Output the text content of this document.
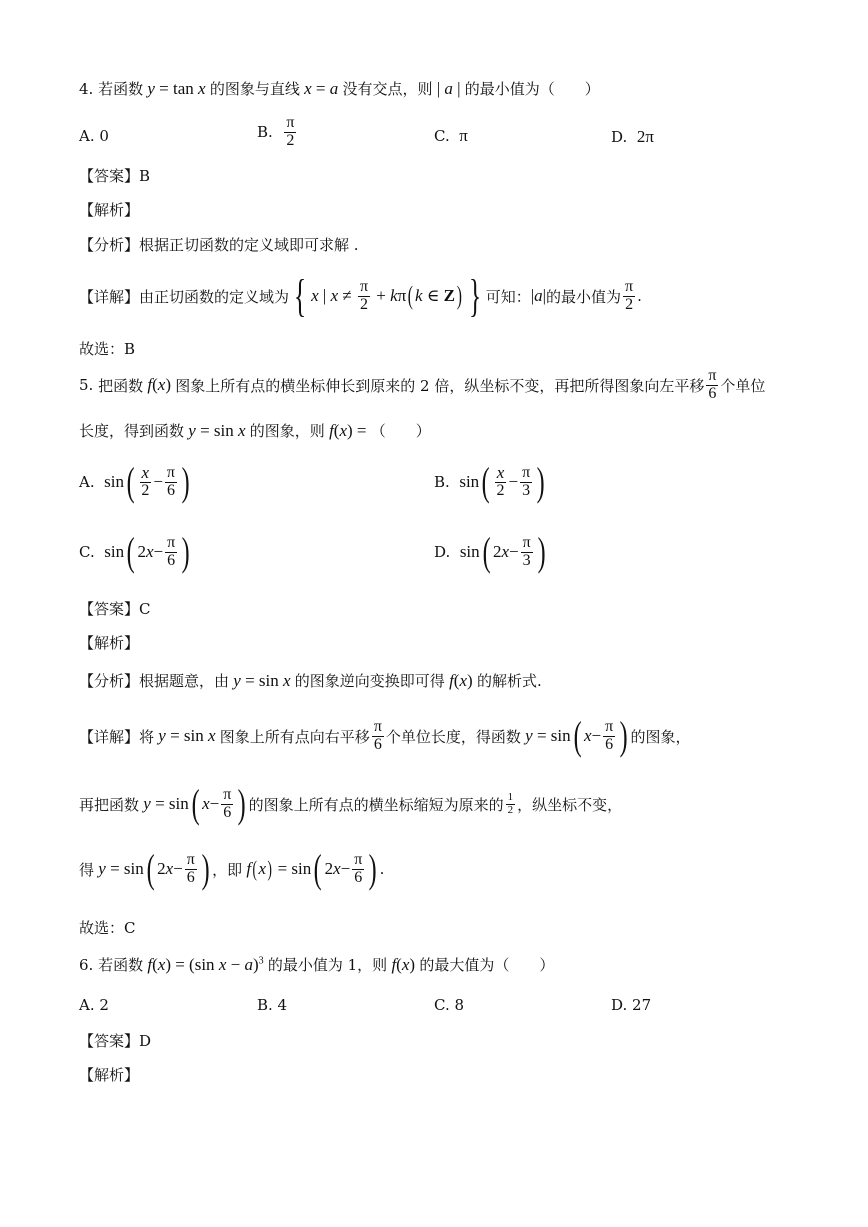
4.
若函数 y = tan x 的图象与直线 x = a 没有交点，则 | a | 的最小值为（　　）
A. 0	B.
$\frac{\pi}{2}$	C.
π	D.
2π
【答案】B
【解析】
【分析】根据正切函数的定义域即可求解 .
【详解】由正切函数的定义域为 { x | $x \ne \frac{\pi}{2} + k$ π ( k ∈ Z ) } 可知： | a | 的最小值为 $\frac{\pi}{2}$ .
故选：B
5.
把函数 f ( x ) 图象上所有点的横坐标伸长到原来的 2 倍，纵坐标不变，再把所得图象向左平移 $\frac{\pi}{6}$ 个单位
长度，得到函数 y = sin x 的图象，则 f ( x ) = （　　）
A.
sin ( $\frac{x}{2} - \frac{\pi}{6}$ )	B.
sin ( $\frac{x}{2} - \frac{\pi}{3}$ )
C.
sin ( 2 $x - \frac{\pi}{6}$ )	D.
sin ( 2 $x - \frac{\pi}{3}$ )
【答案】C
【解析】
【分析】根据题意，由 y = sin x 的图象逆向变换即可得 f ( x ) 的解析式.
【详解】将 y = sin x 图象上所有点向右平移 $\frac{\pi}{6}$ 个单位长度，得函数 y = sin ( $x - \frac{\pi}{6}$ ) 的图象，
再把函数 y = sin ( $x - \frac{\pi}{6}$ ) 的图象上所有点的横坐标缩短为原来的 $\frac{1}{2}$ ，纵坐标不变，
得 y = sin ( 2 $x - \frac{\pi}{6}$ ) ，即 f ( x ) = sin ( 2 $x - \frac{\pi}{6}$ ) .
故选：C
6.
若函数 f ( x ) = (sin x − a )$^3$ 的最小值为 1，则 f ( x ) 的最大值为（　　）
A. 2	B. 4	C. 8	D. 27
【答案】D
【解析】
